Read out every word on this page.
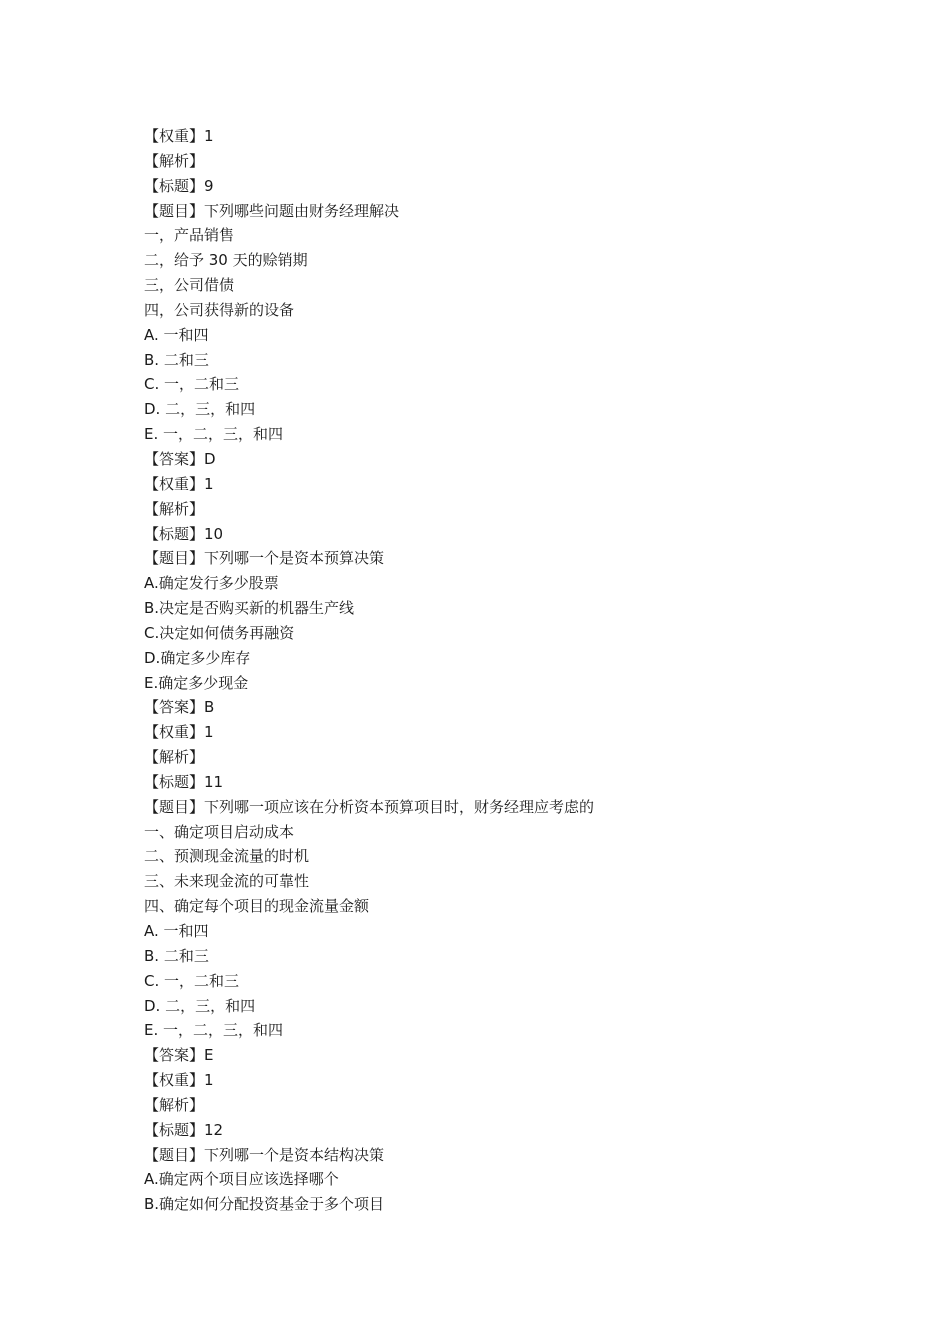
【权重】1
【解析】
【标题】9
【题目】下列哪些问题由财务经理解决
一，产品销售
二，给予 30 天的赊销期
三，公司借债
四，公司获得新的设备
A. 一和四
B. 二和三
C. 一，二和三
D. 二，三，和四
E. 一，二，三，和四
【答案】D
【权重】1
【解析】
【标题】10
【题目】下列哪一个是资本预算决策
A.确定发行多少股票
B.决定是否购买新的机器生产线
C.决定如何债务再融资
D.确定多少库存
E.确定多少现金
【答案】B
【权重】1
【解析】
【标题】11
【题目】下列哪一项应该在分析资本预算项目时，财务经理应考虑的
一、确定项目启动成本
二、预测现金流量的时机
三、未来现金流的可靠性
四、确定每个项目的现金流量金额
A. 一和四
B. 二和三
C. 一，二和三
D. 二，三，和四
E. 一，二，三，和四
【答案】E
【权重】1
【解析】
【标题】12
【题目】下列哪一个是资本结构决策
A.确定两个项目应该选择哪个
B.确定如何分配投资基金于多个项目
